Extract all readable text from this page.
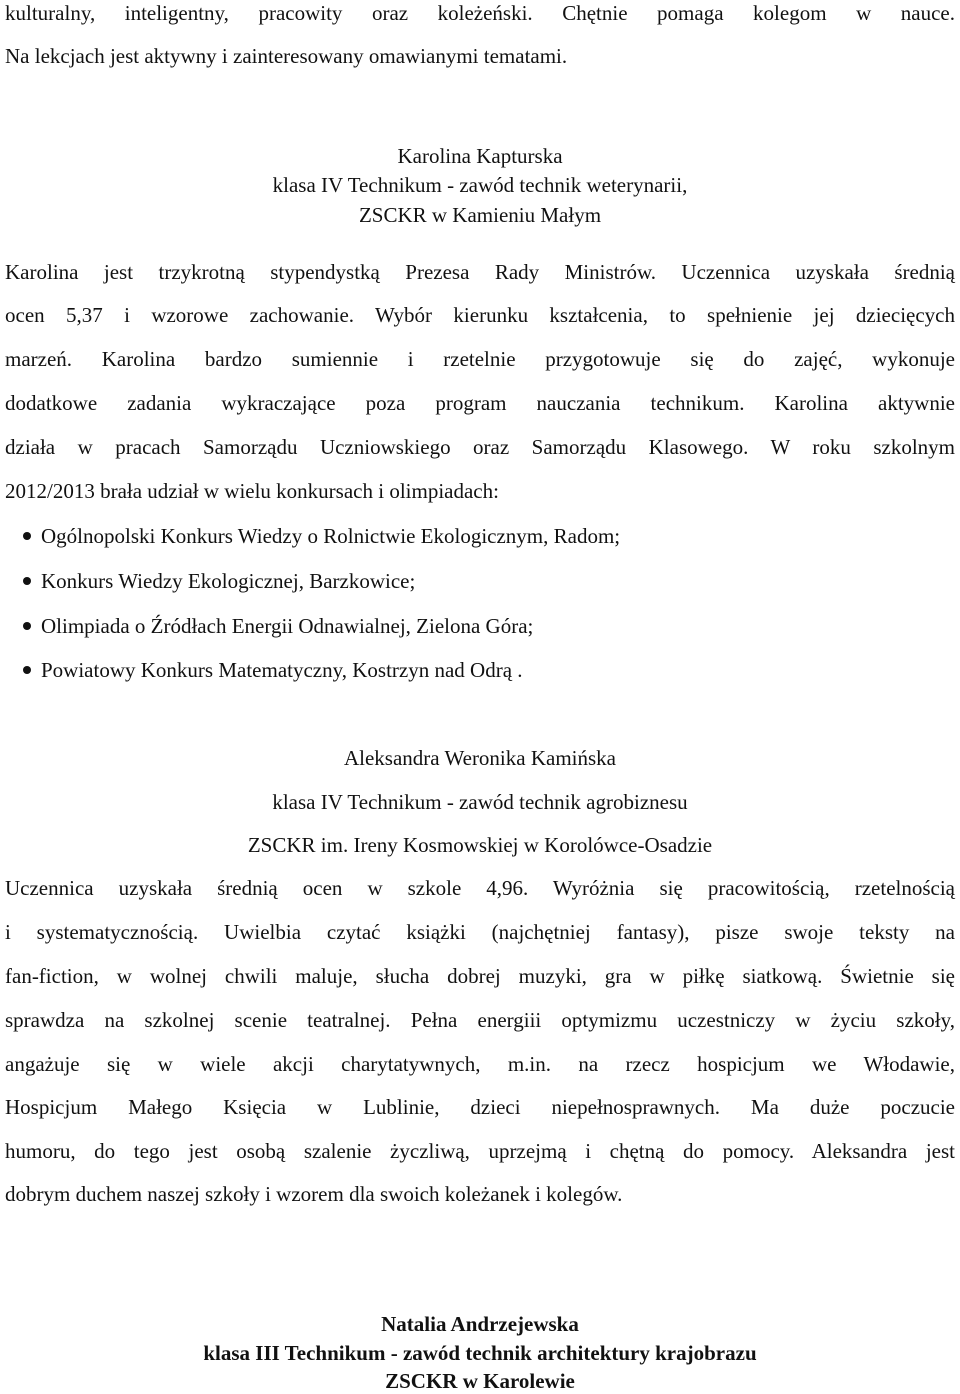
kulturalny, inteligentny, pracowity oraz koleżeński. Chętnie pomaga kolegom w nauce.
Na lekcjach jest aktywny i zainteresowany omawianymi tematami.
Karolina Kapturska
klasa IV Technikum - zawód technik weterynarii,
ZSCKR w Kamieniu Małym
Karolina jest trzykrotną stypendystką Prezesa Rady Ministrów. Uczennica uzyskała średnią
ocen 5,37 i wzorowe zachowanie. Wybór kierunku kształcenia, to spełnienie jej dziecięcych
marzeń. Karolina bardzo sumiennie i rzetelnie przygotowuje się do zajęć, wykonuje
dodatkowe zadania wykraczające poza program nauczania technikum. Karolina aktywnie
działa w pracach Samorządu Uczniowskiego oraz Samorządu Klasowego. W roku szkolnym
2012/2013 brała udział w wielu konkursach i olimpiadach:
Ogólnopolski Konkurs Wiedzy o Rolnictwie Ekologicznym, Radom;
Konkurs Wiedzy Ekologicznej, Barzkowice;
Olimpiada o Źródłach Energii Odnawialnej, Zielona Góra;
Powiatowy Konkurs Matematyczny, Kostrzyn nad Odrą .
Aleksandra Weronika Kamińska
klasa IV Technikum - zawód technik agrobiznesu
ZSCKR im. Ireny Kosmowskiej w Korolówce-Osadzie
Uczennica uzyskała średnią ocen w szkole 4,96. Wyróżnia się pracowitością, rzetelnością
i systematycznością. Uwielbia czytać książki (najchętniej fantasy), pisze swoje teksty na
fan-fiction, w wolnej chwili maluje, słucha dobrej muzyki, gra w piłkę siatkową. Świetnie się
sprawdza na szkolnej scenie teatralnej. Pełna energiii optymizmu uczestniczy w życiu szkoły,
angażuje się w wiele akcji charytatywnych, m.in. na rzecz hospicjum we Włodawie,
Hospicjum Małego Księcia w Lublinie, dzieci niepełnosprawnych. Ma duże poczucie
humoru, do tego jest osobą szalenie życzliwą, uprzejmą i chętną do pomocy. Aleksandra jest
dobrym duchem naszej szkoły i wzorem dla swoich koleżanek i kolegów.
Natalia Andrzejewska
klasa III Technikum - zawód technik architektury krajobrazu
ZSCKR w Karolewie
